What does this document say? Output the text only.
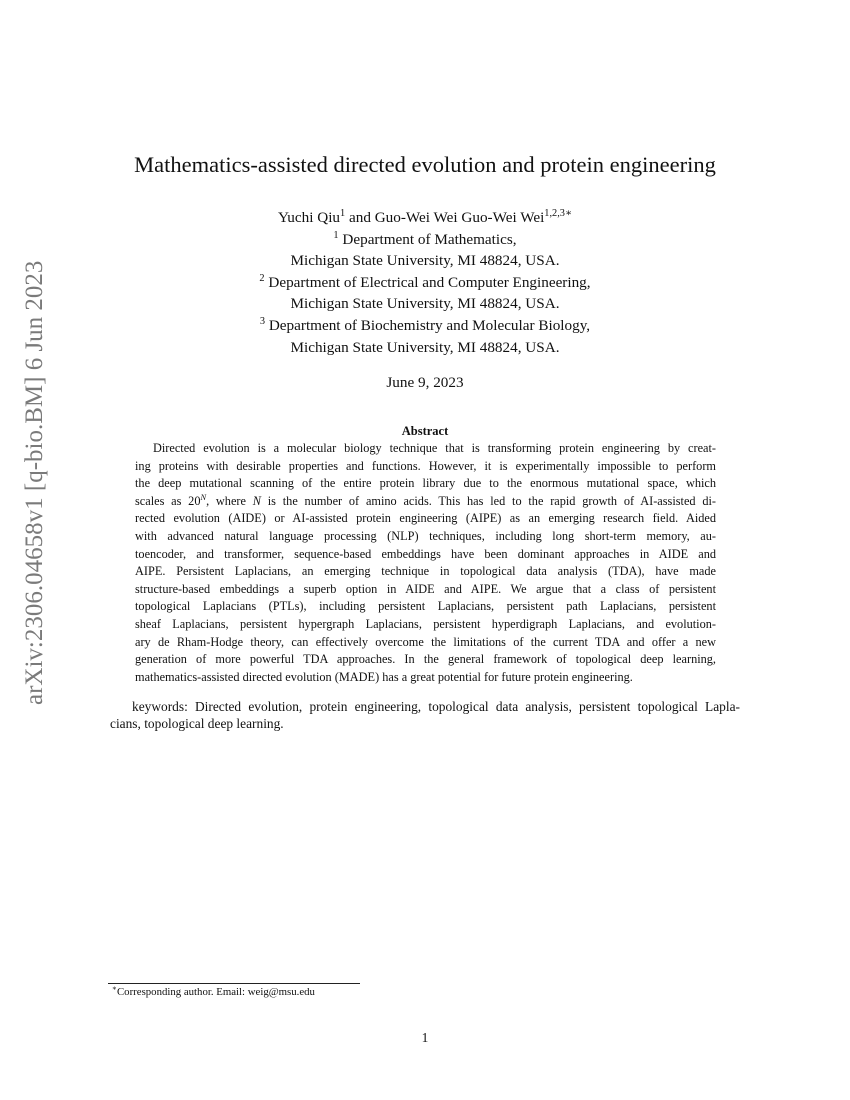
arXiv:2306.04658v1 [q-bio.BM] 6 Jun 2023
Mathematics-assisted directed evolution and protein engineering
Yuchi Qiu$^1$ and Guo-Wei Wei Guo-Wei Wei$^{1,2,3∗}$
$^1$ Department of Mathematics,
Michigan State University, MI 48824, USA.
$^2$ Department of Electrical and Computer Engineering,
Michigan State University, MI 48824, USA.
$^3$ Department of Biochemistry and Molecular Biology,
Michigan State University, MI 48824, USA.
June 9, 2023
Abstract
Directed evolution is a molecular biology technique that is transforming protein engineering by creat-
ing proteins with desirable properties and functions. However, it is experimentally impossible to perform
the deep mutational scanning of the entire protein library due to the enormous mutational space, which
scales as $20^N$, where N is the number of amino acids. This has led to the rapid growth of AI-assisted di-
rected evolution (AIDE) or AI-assisted protein engineering (AIPE) as an emerging research field. Aided
with advanced natural language processing (NLP) techniques, including long short-term memory, au-
toencoder, and transformer, sequence-based embeddings have been dominant approaches in AIDE and
AIPE. Persistent Laplacians, an emerging technique in topological data analysis (TDA), have made
structure-based embeddings a superb option in AIDE and AIPE. We argue that a class of persistent
topological Laplacians (PTLs), including persistent Laplacians, persistent path Laplacians, persistent
sheaf Laplacians, persistent hypergraph Laplacians, persistent hyperdigraph Laplacians, and evolution-
ary de Rham-Hodge theory, can effectively overcome the limitations of the current TDA and offer a new
generation of more powerful TDA approaches. In the general framework of topological deep learning,
mathematics-assisted directed evolution (MADE) has a great potential for future protein engineering.
keywords: Directed evolution, protein engineering, topological data analysis, persistent topological Lapla-
cians, topological deep learning.
∗Corresponding author. Email: weig@msu.edu
1
